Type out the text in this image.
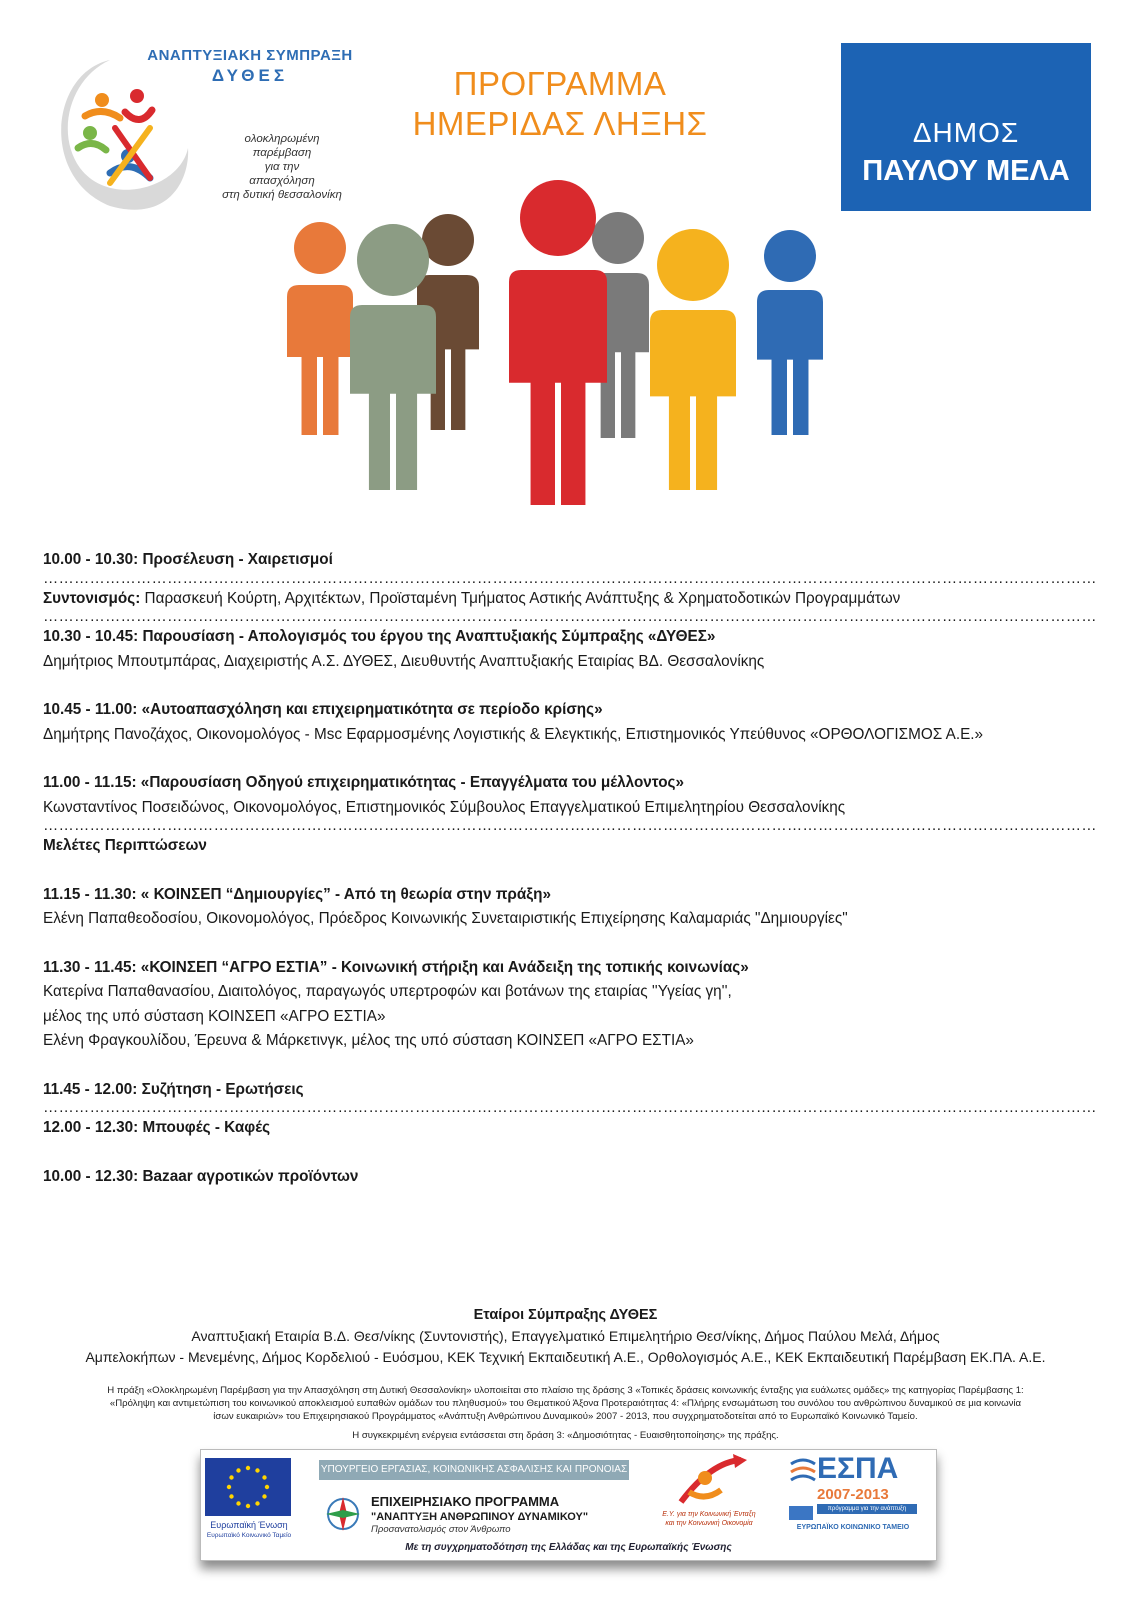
ΑΝΑΠΤΥΞΙΑΚΗ ΣΥΜΠΡΑΞΗ
ΔΥΘΕΣ
ολοκληρωμένη
παρέμβαση
για την
απασχόληση
στη δυτική θεσσαλονίκη
ΠΡΟΓΡΑΜΜΑ
ΗΜΕΡΙΔΑΣ ΛΗΞΗΣ	ΔΗΜΟΣ
ΠΑΥΛΟΥ ΜΕΛΑ
10.00 - 10.30: Προσέλευση - Χαιρετισμοί
……………………………………………………………………………………………………………………………………………………………………………………
Συντονισμός: Παρασκευή Κούρτη, Αρχιτέκτων, Προϊσταμένη Τμήματος Αστικής Ανάπτυξης & Χρηματοδοτικών Προγραμμάτων
……………………………………………………………………………………………………………………………………………………………………………………
10.30 - 10.45: Παρουσίαση - Απολογισμός του έργου της Αναπτυξιακής Σύμπραξης «ΔΥΘΕΣ»
Δημήτριος Μπουτμπάρας, Διαχειριστής Α.Σ. ΔΥΘΕΣ, Διευθυντής Αναπτυξιακής Εταιρίας ΒΔ. Θεσσαλονίκης
10.45 - 11.00: «Αυτοαπασχόληση και επιχειρηματικότητα σε περίοδο κρίσης»
Δημήτρης Πανοζάχος, Οικονομολόγος - Msc Εφαρμοσμένης Λογιστικής & Ελεγκτικής, Επιστημονικός Υπεύθυνος «ΟΡΘΟΛΟΓΙΣΜΟΣ Α.Ε.»
11.00 - 11.15: «Παρουσίαση Οδηγού επιχειρηματικότητας - Επαγγέλματα του μέλλοντος»
Κωνσταντίνος Ποσειδώνος, Οικονομολόγος, Επιστημονικός Σύμβουλος Επαγγελματικού Επιμελητηρίου Θεσσαλονίκης
……………………………………………………………………………………………………………………………………………………………………………………
Μελέτες Περιπτώσεων
11.15 - 11.30: « ΚΟΙΝΣΕΠ “Δημιουργίες” - Από τη θεωρία στην πράξη»
Ελένη Παπαθεοδοσίου, Οικονομολόγος, Πρόεδρος Κοινωνικής Συνεταιριστικής Επιχείρησης Καλαμαριάς "Δημιουργίες"
11.30 - 11.45: «ΚΟΙΝΣΕΠ “ΑΓΡΟ ΕΣΤΙΑ” - Κοινωνική στήριξη και Ανάδειξη της τοπικής κοινωνίας»
Κατερίνα Παπαθανασίου, Διαιτολόγος, παραγωγός υπερτροφών και βοτάνων της εταιρίας ''Υγείας γη'',
μέλος της υπό σύσταση ΚΟΙΝΣΕΠ «ΑΓΡΟ ΕΣΤΙΑ»
Ελένη Φραγκουλίδου, Έρευνα & Μάρκετινγκ, μέλος της υπό σύσταση ΚΟΙΝΣΕΠ «ΑΓΡΟ ΕΣΤΙΑ»
11.45 - 12.00: Συζήτηση - Ερωτήσεις
……………………………………………………………………………………………………………………………………………………………………………………
12.00 - 12.30: Μπουφές - Καφές
10.00 - 12.30: Bazaar αγροτικών προϊόντων
Εταίροι Σύμπραξης ΔΥΘΕΣ
Αναπτυξιακή Εταιρία Β.Δ. Θεσ/νίκης (Συντονιστής), Επαγγελματικό Επιμελητήριο Θεσ/νίκης, Δήμος Παύλου Μελά, Δήμος
Αμπελοκήπων - Μενεμένης, Δήμος Κορδελιού - Ευόσμου, ΚΕΚ Τεχνική Εκπαιδευτική Α.Ε., Ορθολογισμός Α.Ε., ΚΕΚ Εκπαιδευτική Παρέμβαση ΕΚ.ΠΑ. Α.Ε.
Η πράξη «Ολοκληρωμένη Παρέμβαση για την Απασχόληση στη Δυτική Θεσσαλονίκη» υλοποιείται στο πλαίσιο της δράσης 3 «Τοπικές δράσεις κοινωνικής ένταξης για ευάλωτες ομάδες» της κατηγορίας Παρέμβασης 1:
«Πρόληψη και αντιμετώπιση του κοινωνικού αποκλεισμού ευπαθών ομάδων του πληθυσμού» του Θεματικού Άξονα Προτεραιότητας 4: «Πλήρης ενσωμάτωση του συνόλου του ανθρώπινου δυναμικού σε μια κοινωνία
ίσων ευκαιριών» του Επιχειρησιακού Προγράμματος «Ανάπτυξη Ανθρώπινου Δυναμικού» 2007 - 2013, που συγχρηματοδοτείται από το Ευρωπαϊκό Κοινωνικό Ταμείο.
Η συγκεκριμένη ενέργεια εντάσσεται στη δράση 3: «Δημοσιότητας - Ευαισθητοποίησης» της πράξης.
Ευρωπαϊκή Ένωση
Ευρωπαϊκό Κοινωνικό Ταμείο
ΥΠΟΥΡΓΕΙΟ ΕΡΓΑΣΙΑΣ, ΚΟΙΝΩΝΙΚΗΣ ΑΣΦΑΛΙΣΗΣ ΚΑΙ ΠΡΟΝΟΙΑΣ
ΕΠΙΧΕΙΡΗΣΙΑΚΟ ΠΡΟΓΡΑΜΜΑ
"ΑΝΑΠΤΥΞΗ ΑΝΘΡΩΠΙΝΟΥ ΔΥΝΑΜΙΚΟΥ"
Προσανατολισμός στον Άνθρωπο
Ε.Υ. για την Κοινωνική Ένταξη
και την Κοινωνική Οικονομία
ΕΣΠΑ
2007-2013
πρόγραμμα για την ανάπτυξη
ΕΥΡΩΠΑΪΚΟ ΚΟΙΝΩΝΙΚΟ ΤΑΜΕΙΟ
Με τη συγχρηματοδότηση της Ελλάδας και της Ευρωπαϊκής Ένωσης
